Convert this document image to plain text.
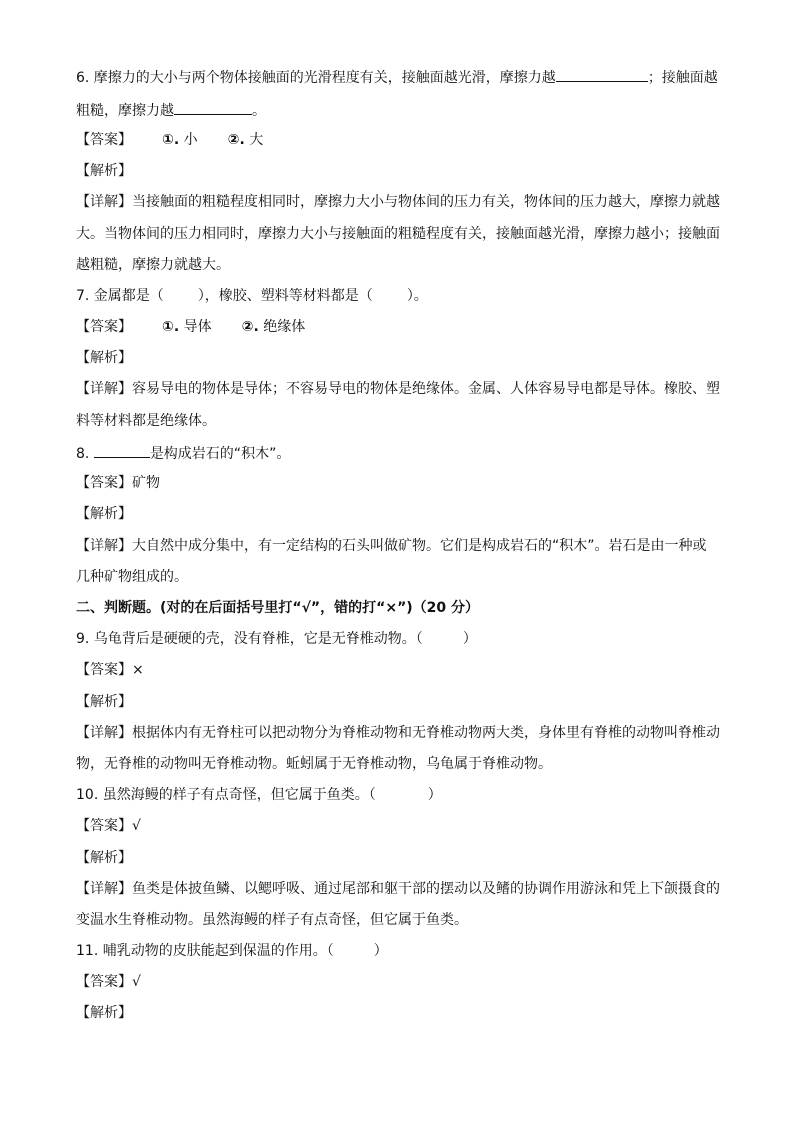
6. 摩擦力的大小与两个物体接触面的光滑程度有关，接触面越光滑，摩擦力越	；接触面越
粗糙，摩擦力越	。
【答案】 ①. 小 ②. 大
【解析】
【详解】当接触面的粗糙程度相同时，摩擦力大小与物体间的压力有关，物体间的压力越大，摩擦力就越
大。当物体间的压力相同时，摩擦力大小与接触面的粗糙程度有关，接触面越光滑，摩擦力越小；接触面
越粗糙，摩擦力就越大。
7. 金属都是（ ），橡胶、塑料等材料都是（ ）。
【答案】 ①. 导体 ②. 绝缘体
【解析】
【详解】容易导电的物体是导体；不容易导电的物体是绝缘体。金属、人体容易导电都是导体。橡胶、塑
料等材料都是绝缘体。
8.	是构成岩石的“积木”。
【答案】矿物
【解析】
【详解】大自然中成分集中，有一定结构的石头叫做矿物。它们是构成岩石的“积木”。岩石是由一种或
几种矿物组成的。
二、判断题。(对的在后面括号里打“√”，错的打“×”)（20 分）
9. 乌龟背后是硬硬的壳，没有脊椎，它是无脊椎动物。（	）
【答案】×
【解析】
【详解】根据体内有无脊柱可以把动物分为脊椎动物和无脊椎动物两大类，身体里有脊椎的动物叫脊椎动
物，无脊椎的动物叫无脊椎动物。蚯蚓属于无脊椎动物，乌龟属于脊椎动物。
10. 虽然海鳗的样子有点奇怪，但它属于鱼类。（	）
【答案】√
【解析】
【详解】鱼类是体披鱼鳞、以鳃呼吸、通过尾部和躯干部的摆动以及鳍的协调作用游泳和凭上下颌摄食的
变温水生脊椎动物。虽然海鳗的样子有点奇怪，但它属于鱼类。
11. 哺乳动物的皮肤能起到保温的作用。（	）
【答案】√
【解析】
